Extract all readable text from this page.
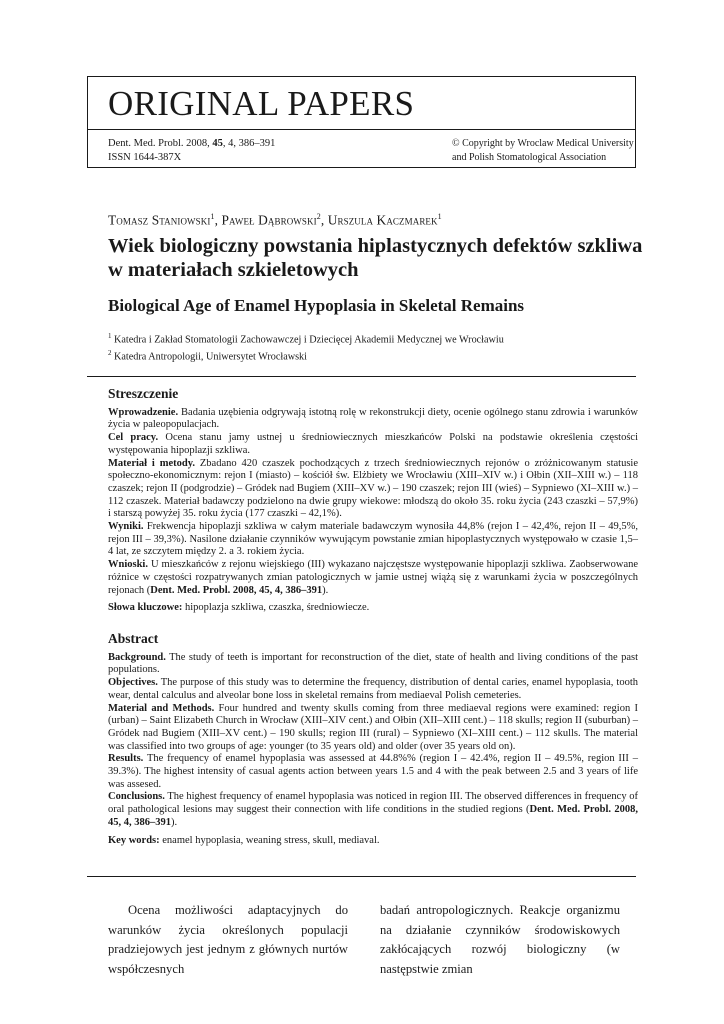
ORIGINAL PAPERS
Dent. Med. Probl. 2008, 45, 4, 386–391
ISSN 1644-387X
© Copyright by Wroclaw Medical University
and Polish Stomatological Association
Tomasz Staniowski$^1$, Paweł Dąbrowski$^2$, Urszula Kaczmarek$^1$
Wiek biologiczny powstania hiplastycznych defektów szkliwa w materiałach szkieletowych
Biological Age of Enamel Hypoplasia in Skeletal Remains
$^1$ Katedra i Zakład Stomatologii Zachowawczej i Dziecięcej Akademii Medycznej we Wrocławiu
$^2$ Katedra Antropologii, Uniwersytet Wrocławski
Streszczenie

Wprowadzenie. Badania uzębienia odgrywają istotną rolę w rekonstrukcji diety, ocenie ogólnego stanu zdrowia i warunków życia w paleopopulacjach.

Cel pracy. Ocena stanu jamy ustnej u średniowiecznych mieszkańców Polski na podstawie określenia częstości występowania hipoplazji szkliwa.

Materiał i metody. Zbadano 420 czaszek pochodzących z trzech średniowiecznych rejonów o zróżnicowanym statusie społeczno-ekonomicznym: rejon I (miasto) – kościół św. Elżbiety we Wrocławiu (XIII–XIV w.) i Ołbin (XII–XIII w.) – 118 czaszek; rejon II (podgrodzie) – Gródek nad Bugiem (XIII–XV w.) – 190 czaszek; rejon III (wieś) – Sypniewo (XI–XIII w.) – 112 czaszek. Materiał badawczy podzielono na dwie grupy wiekowe: młodszą do około 35. roku życia (243 czaszki – 57,9%) i starszą powyżej 35. roku życia (177 czaszki – 42,1%).

Wyniki. Frekwencja hipoplazji szkliwa w całym materiale badawczym wynosiła 44,8% (rejon I – 42,4%, rejon II – 49,5%, rejon III – 39,3%). Nasilone działanie czynników wywującym powstanie zmian hipoplastycznych występowało w czasie 1,5–4 lat, ze szczytem między 2. a 3. rokiem życia.

Wnioski. U mieszkańców z rejonu wiejskiego (III) wykazano najczęstsze występowanie hipoplazji szkliwa. Zaobserwowane różnice w częstości rozpatrywanych zmian patologicznych w jamie ustnej wiążą się z warunkami życia w poszczególnych rejonach (Dent. Med. Probl. 2008, 45, 4, 386–391).

Słowa kluczowe: hipoplazja szkliwa, czaszka, średniowiecze.

Abstract

Background. The study of teeth is important for reconstruction of the diet, state of health and living conditions of the past populations.

Objectives. The purpose of this study was to determine the frequency, distribution of dental caries, enamel hypoplasia, tooth wear, dental calculus and alveolar bone loss in skeletal remains from mediaeval Polish cemeteries.

Material and Methods. Four hundred and twenty skulls coming from three mediaeval regions were examined: region I (urban) – Saint Elizabeth Church in Wrocław (XIII–XIV cent.) and Ołbin (XII–XIII cent.) – 118 skulls; region II (suburban) – Gródek nad Bugiem (XIII–XV cent.) – 190 skulls; region III (rural) – Sypniewo (XI–XIII cent.) – 112 skulls. The material was classified into two groups of age: younger (to 35 years old) and older (over 35 years old on).

Results. The frequency of enamel hypoplasia was assessed at 44.8%% (region I – 42.4%, region II – 49.5%, region III – 39.3%). The highest intensity of casual agents action between years 1.5 and 4 with the peak between 2.5 and 3 years of life was assesed.

Conclusions. The highest frequency of enamel hypoplasia was noticed in region III. The observed differences in frequency of oral pathological lesions may suggest their connection with life conditions in the studied regions (Dent. Med. Probl. 2008, 45, 4, 386–391).

Key words: enamel hypoplasia, weaning stress, skull, mediaval.

Ocena możliwości adaptacyjnych do warunków życia określonych populacji pradziejowych jest jednym z głównych nurtów współczesnych
badań antropologicznych. Reakcje organizmu na działanie czynników środowiskowych zakłócających rozwój biologiczny (w następstwie zmian
